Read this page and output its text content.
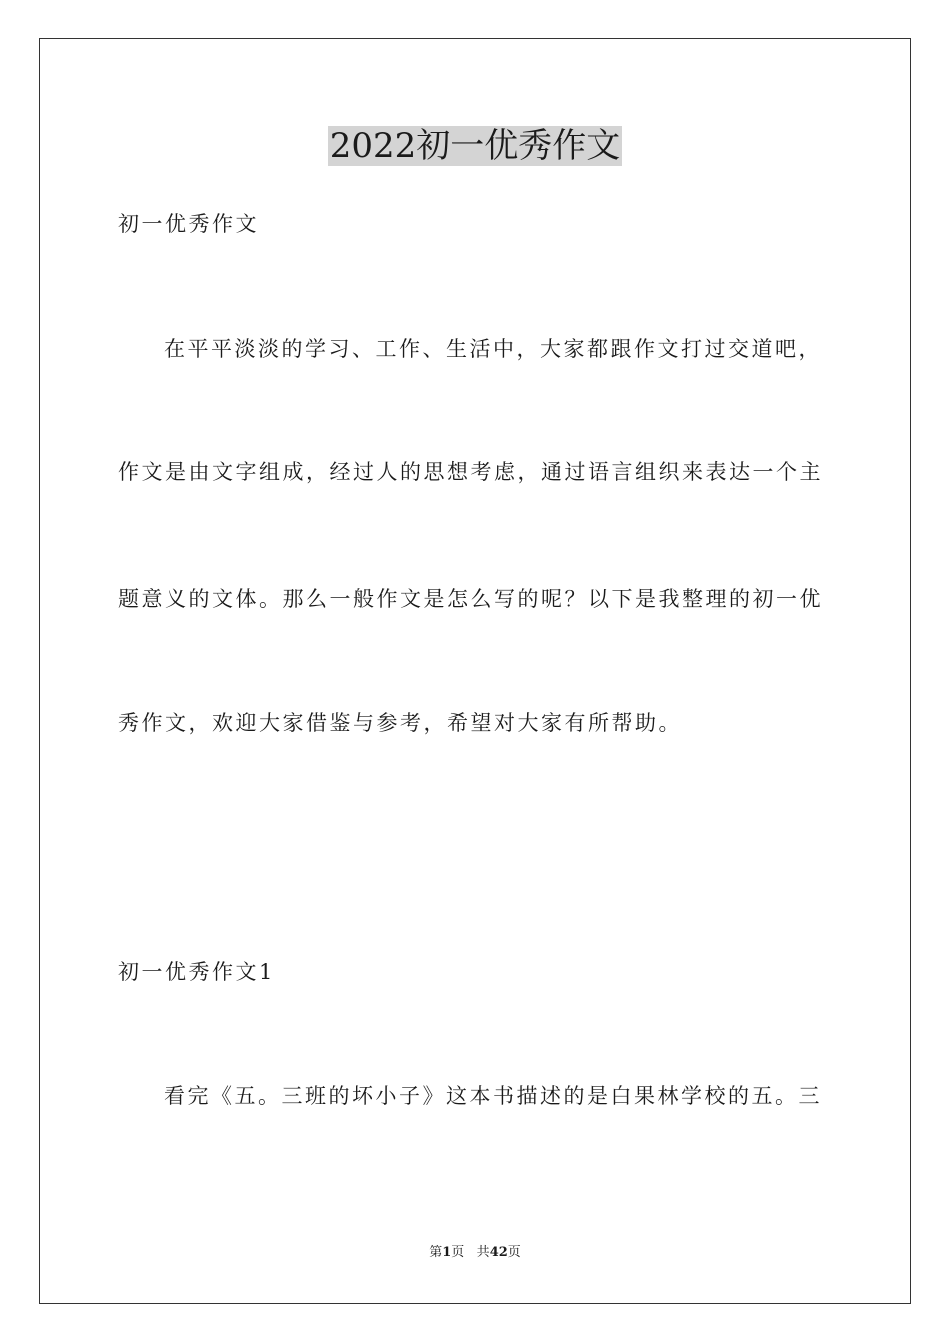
2022初一优秀作文
初一优秀作文
在平平淡淡的学习、工作、生活中，大家都跟作文打过交道吧，
作文是由文字组成，经过人的思想考虑，通过语言组织来表达一个主
题意义的文体。那么一般作文是怎么写的呢？以下是我整理的初一优
秀作文，欢迎大家借鉴与参考，希望对大家有所帮助。
初一优秀作文1
看完《五。三班的坏小子》这本书描述的是白果林学校的五。三
第1页 共42页
